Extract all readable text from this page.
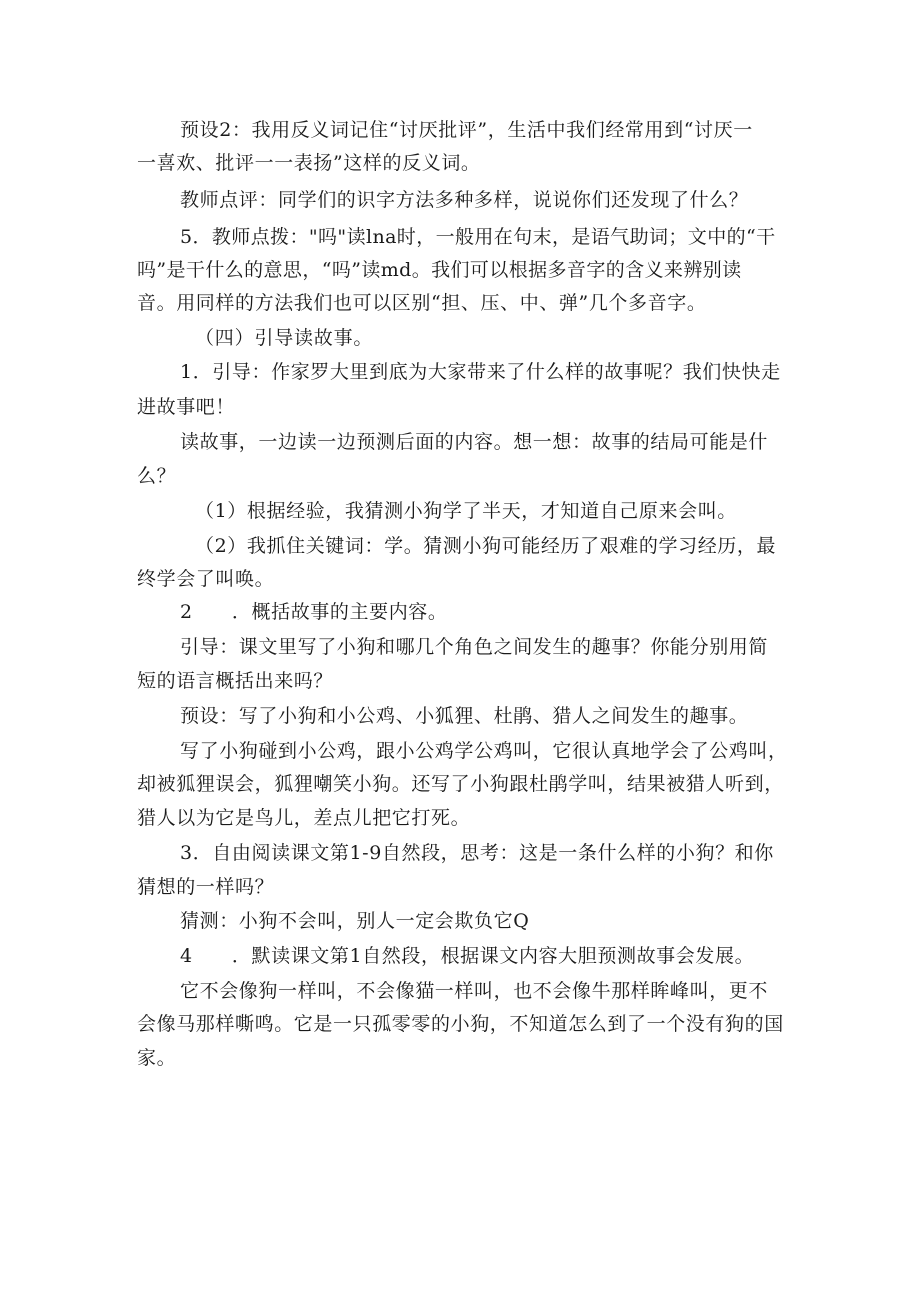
预设2：我用反义词记住“讨厌批评”，生活中我们经常用到“讨厌一
一喜欢、批评一一表扬”这样的反义词。
教师点评：同学们的识字方法多种多样，说说你们还发现了什么？
5．教师点拨："吗"读lna时，一般用在句末，是语气助词；文中的“干
吗”是干什么的意思，“吗”读md。我们可以根据多音字的含义来辨别读
音。用同样的方法我们也可以区别“担、压、中、弹”几个多音字。
（四）引导读故事。
1．引导：作家罗大里到底为大家带来了什么样的故事呢？我们快快走
进故事吧！
读故事，一边读一边预测后面的内容。想一想：故事的结局可能是什
么？
（1）根据经验，我猜测小狗学了半天，才知道自己原来会叫。
（2）我抓住关键词：学。猜测小狗可能经历了艰难的学习经历，最
终学会了叫唤。
2　　．概括故事的主要内容。
引导：课文里写了小狗和哪几个角色之间发生的趣事？你能分别用简
短的语言概括出来吗？
预设：写了小狗和小公鸡、小狐狸、杜鹃、猎人之间发生的趣事。
写了小狗碰到小公鸡，跟小公鸡学公鸡叫，它很认真地学会了公鸡叫，
却被狐狸误会，狐狸嘲笑小狗。还写了小狗跟杜鹃学叫，结果被猎人听到，
猎人以为它是鸟儿，差点儿把它打死。
3．自由阅读课文第1-9自然段，思考：这是一条什么样的小狗？和你
猜想的一样吗？
猜测：小狗不会叫，别人一定会欺负它Q
4　　．默读课文第1自然段，根据课文内容大胆预测故事会发展。
它不会像狗一样叫，不会像猫一样叫，也不会像牛那样眸峰叫，更不
会像马那样嘶鸣。它是一只孤零零的小狗，不知道怎么到了一个没有狗的国
家。
